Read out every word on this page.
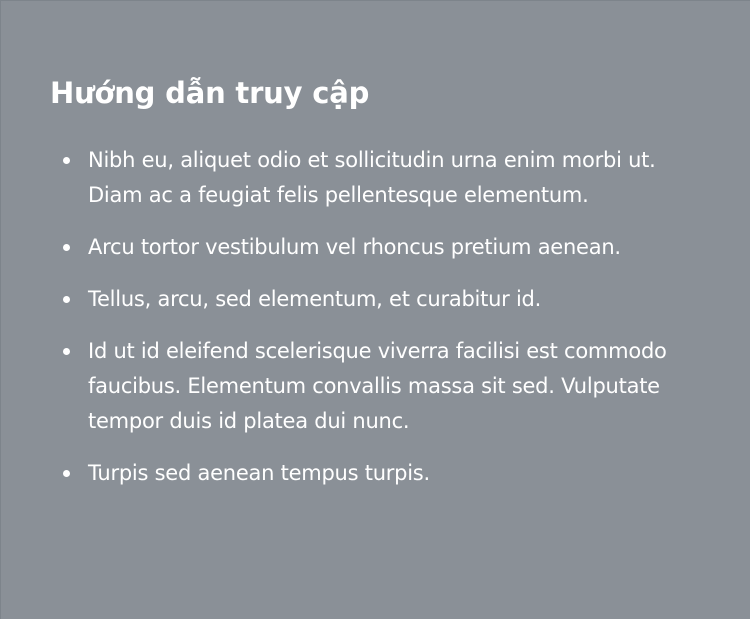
Hướng dẫn truy cập
Nibh eu, aliquet odio et sollicitudin urna enim morbi ut. Diam ac a feugiat felis pellentesque elementum.
Arcu tortor vestibulum vel rhoncus pretium aenean.
Tellus, arcu, sed elementum, et curabitur id.
Id ut id eleifend scelerisque viverra facilisi est commodo faucibus. Elementum convallis massa sit sed. Vulputate tempor duis id platea dui nunc.
Turpis sed aenean tempus turpis.
